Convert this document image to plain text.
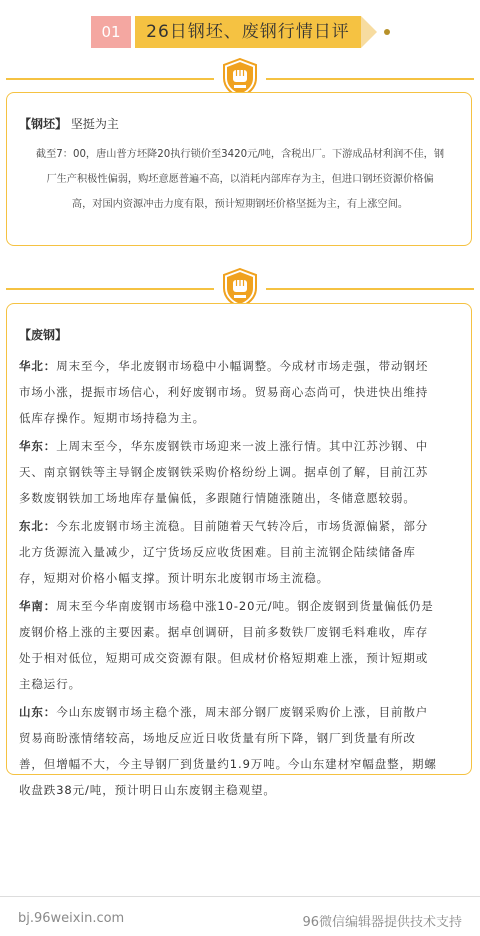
01	26日钢坯、废钢行情日评
【钢坯】 坚挺为主

截至7：00，唐山普方坯降20执行锁价至3420元/吨，含税出厂。下游成品材利润不佳，钢

厂生产积极性偏弱，购坯意愿普遍不高，以消耗内部库存为主，但进口钢坯资源价格偏

高，对国内资源冲击力度有限，预计短期钢坯价格坚挺为主，有上涨空间。

【废钢】

华北：周末至今，华北废钢市场稳中小幅调整。今成材市场走强，带动钢坯
市场小涨，提振市场信心，利好废钢市场。贸易商心态尚可，快进快出维持
低库存操作。短期市场持稳为主。

华东：上周末至今，华东废钢铁市场迎来一波上涨行情。其中江苏沙钢、中
天、南京钢铁等主导钢企废钢铁采购价格纷纷上调。据卓创了解，目前江苏
多数废钢铁加工场地库存量偏低，多跟随行情随涨随出，冬储意愿较弱。

东北：今东北废钢市场主流稳。目前随着天气转冷后，市场货源偏紧，部分
北方货源流入量减少，辽宁货场反应收货困难。目前主流钢企陆续储备库
存，短期对价格小幅支撑。预计明东北废钢市场主流稳。

华南：周末至今华南废钢市场稳中涨10-20元/吨。钢企废钢到货量偏低仍是
废钢价格上涨的主要因素。据卓创调研，目前多数铁厂废钢毛料难收，库存
处于相对低位，短期可成交资源有限。但成材价格短期难上涨，预计短期或
主稳运行。

山东：今山东废钢市场主稳个涨，周末部分钢厂废钢采购价上涨，目前散户
贸易商盼涨情绪较高，场地反应近日收货量有所下降，钢厂到货量有所改
善，但增幅不大，今主导钢厂到货量约1.9万吨。今山东建材窄幅盘整，期螺
收盘跌38元/吨，预计明日山东废钢主稳观望。

bj.96weixin.com	96微信编辑器提供技术支持
